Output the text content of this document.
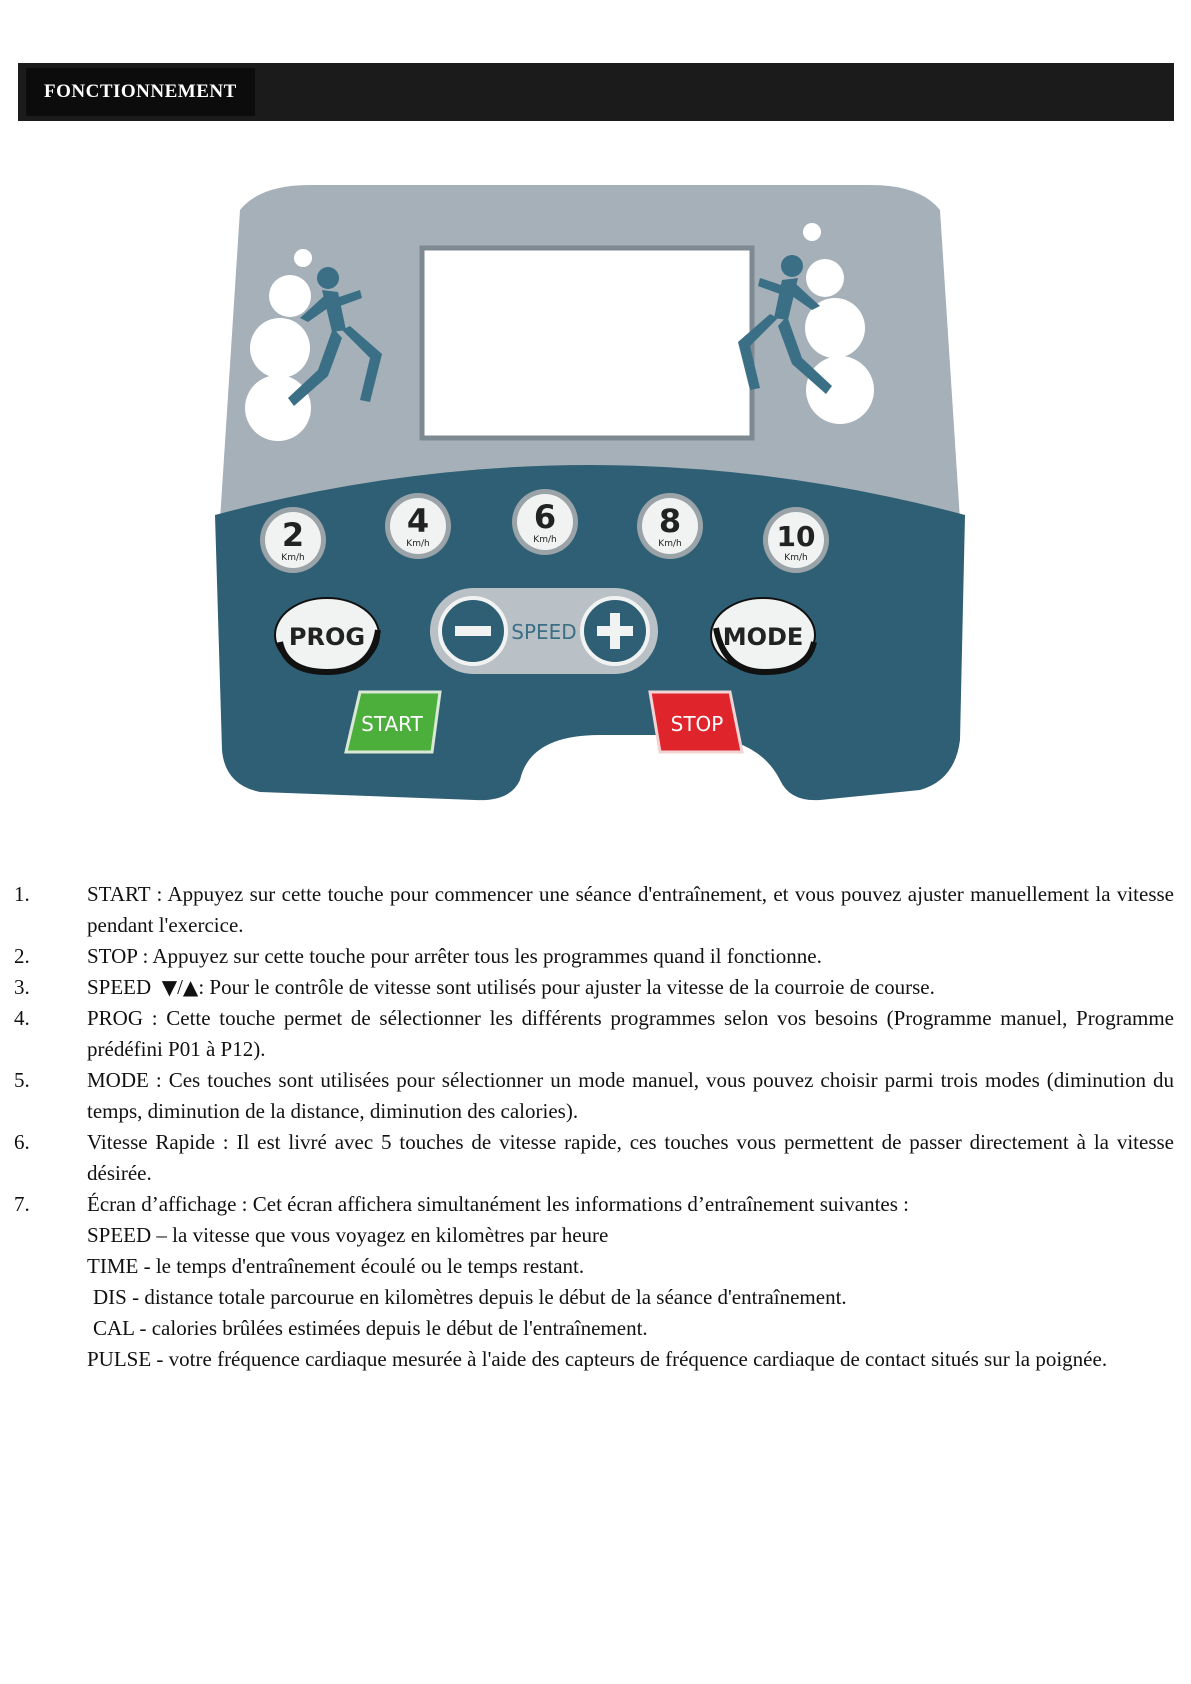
FONCTIONNEMENT
2
Km/h
4
Km/h
6
Km/h	8
Km/h	10
Km/h
PROG	SPEED	MODE
START	STOP
1.	START : Appuyez sur cette touche pour commencer une séance d'entraînement, et vous pouvez ajuster manuellement la vitesse pendant l'exercice.

2.	STOP : Appuyez sur cette touche pour arrêter tous les programmes quand il fonctionne.

3.	SPEED ▼/▲: Pour le contrôle de vitesse sont utilisés pour ajuster la vitesse de la courroie de course.

4.	PROG : Cette touche permet de sélectionner les différents programmes selon vos besoins (Programme manuel, Programme prédéfini P01 à P12).

5.	MODE : Ces touches sont utilisées pour sélectionner un mode manuel, vous pouvez choisir parmi trois modes (diminution du temps, diminution de la distance, diminution des calories).

6.	Vitesse Rapide : Il est livré avec 5 touches de vitesse rapide, ces touches vous permettent de passer directement à la vitesse désirée.

7.	Écran d’affichage : Cet écran affichera simultanément les informations d’entraînement suivantes :
SPEED – la vitesse que vous voyagez en kilomètres par heure
TIME - le temps d'entraînement écoulé ou le temps restant.
DIS - distance totale parcourue en kilomètres depuis le début de la séance d'entraînement.
CAL - calories brûlées estimées depuis le début de l'entraînement.
PULSE - votre fréquence cardiaque mesurée à l'aide des capteurs de fréquence cardiaque de contact situés sur la poignée.
